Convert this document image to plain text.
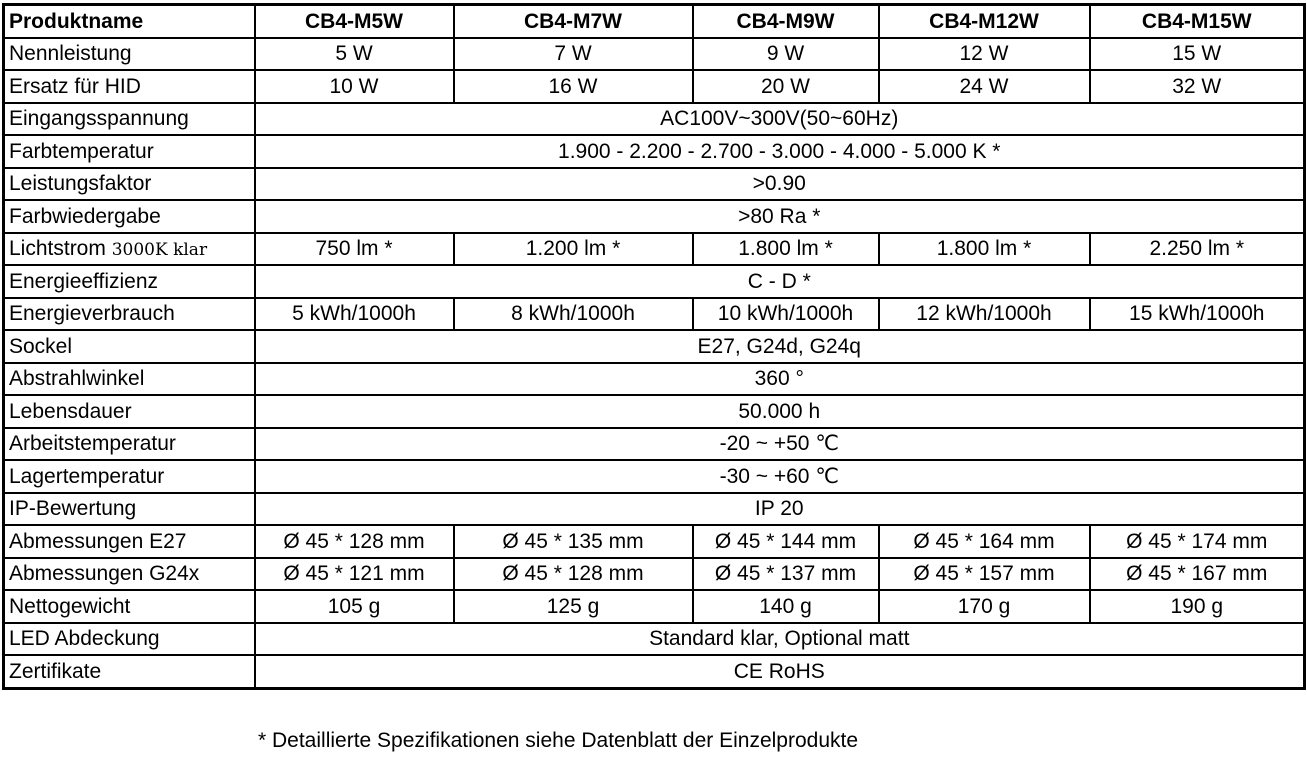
Produktname	CB4-M5W	CB4-M7W	CB4-M9W	CB4-M12W	CB4-M15W
Nennleistung	5 W	7 W	9 W	12 W	15 W
Ersatz für HID	10 W	16 W	20 W	24 W	32 W
Eingangsspannung	AC100V~300V(50~60Hz)				
Farbtemperatur	1.900 - 2.200 - 2.700 - 3.000 - 4.000 - 5.000 K *				
Leistungsfaktor	>0.90				
Farbwiedergabe	>80 Ra *				
Lichtstrom 3000K klar	750 lm *	1.200 lm *	1.800 lm *	1.800 lm *	2.250 lm *
Energieeffizienz	C - D *				
Energieverbrauch	5 kWh/1000h	8 kWh/1000h	10 kWh/1000h	12 kWh/1000h	15 kWh/1000h
Sockel	E27, G24d, G24q				
Abstrahlwinkel	360 °				
Lebensdauer	50.000 h				
Arbeitstemperatur	-20 ~ +50 ℃				
Lagertemperatur	-30 ~ +60 ℃				
IP-Bewertung	IP 20				
Abmessungen E27	Ø 45 * 128 mm	Ø 45 * 135 mm	Ø 45 * 144 mm	Ø 45 * 164 mm	Ø 45 * 174 mm
Abmessungen G24x	Ø 45 * 121 mm	Ø 45 * 128 mm	Ø 45 * 137 mm	Ø 45 * 157 mm	Ø 45 * 167 mm
Nettogewicht	105 g	125 g	140 g	170 g	190 g
LED Abdeckung	Standard klar, Optional matt				
Zertifikate	CE RoHS				
* Detaillierte Spezifikationen siehe Datenblatt der Einzelprodukte
